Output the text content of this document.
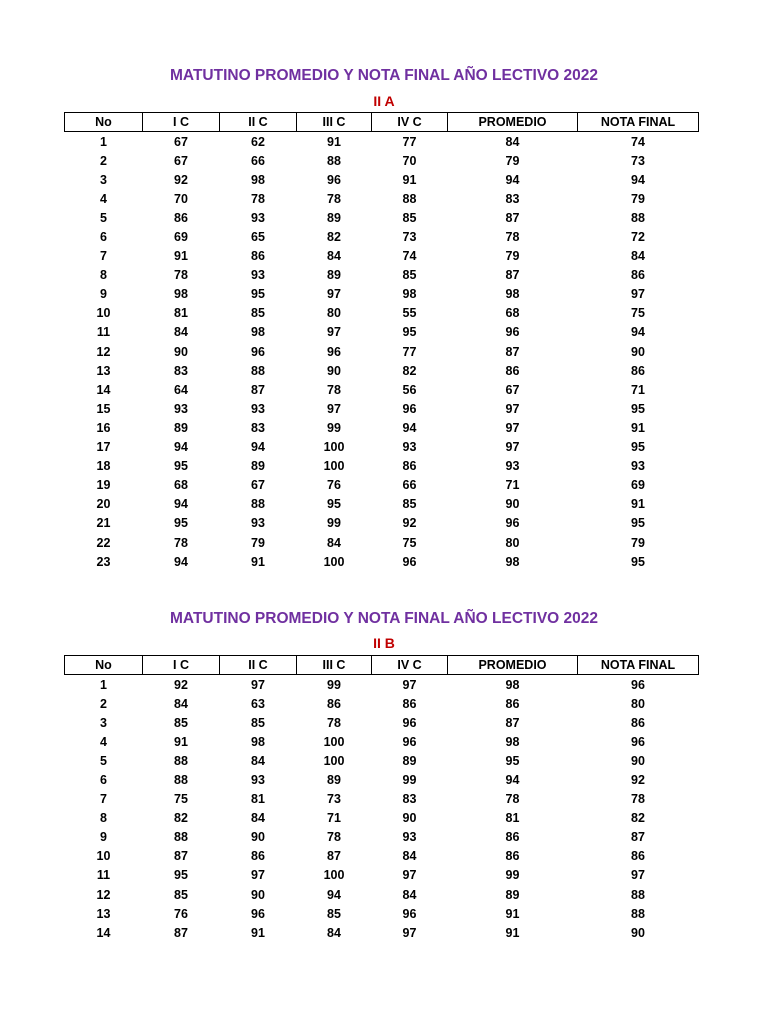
MATUTINO PROMEDIO Y NOTA FINAL AÑO LECTIVO 2022
II A
No	I C	II C	III C	IV C	PROMEDIO	NOTA FINAL
1	67	62	91	77	84	74
2	67	66	88	70	79	73
3	92	98	96	91	94	94
4	70	78	78	88	83	79
5	86	93	89	85	87	88
6	69	65	82	73	78	72
7	91	86	84	74	79	84
8	78	93	89	85	87	86
9	98	95	97	98	98	97
10	81	85	80	55	68	75
11	84	98	97	95	96	94
12	90	96	96	77	87	90
13	83	88	90	82	86	86
14	64	87	78	56	67	71
15	93	93	97	96	97	95
16	89	83	99	94	97	91
17	94	94	100	93	97	95
18	95	89	100	86	93	93
19	68	67	76	66	71	69
20	94	88	95	85	90	91
21	95	93	99	92	96	95
22	78	79	84	75	80	79
23	94	91	100	96	98	95
MATUTINO PROMEDIO Y NOTA FINAL AÑO LECTIVO 2022
II B
No	I C	II C	III C	IV C	PROMEDIO	NOTA FINAL
1	92	97	99	97	98	96
2	84	63	86	86	86	80
3	85	85	78	96	87	86
4	91	98	100	96	98	96
5	88	84	100	89	95	90
6	88	93	89	99	94	92
7	75	81	73	83	78	78
8	82	84	71	90	81	82
9	88	90	78	93	86	87
10	87	86	87	84	86	86
11	95	97	100	97	99	97
12	85	90	94	84	89	88
13	76	96	85	96	91	88
14	87	91	84	97	91	90
